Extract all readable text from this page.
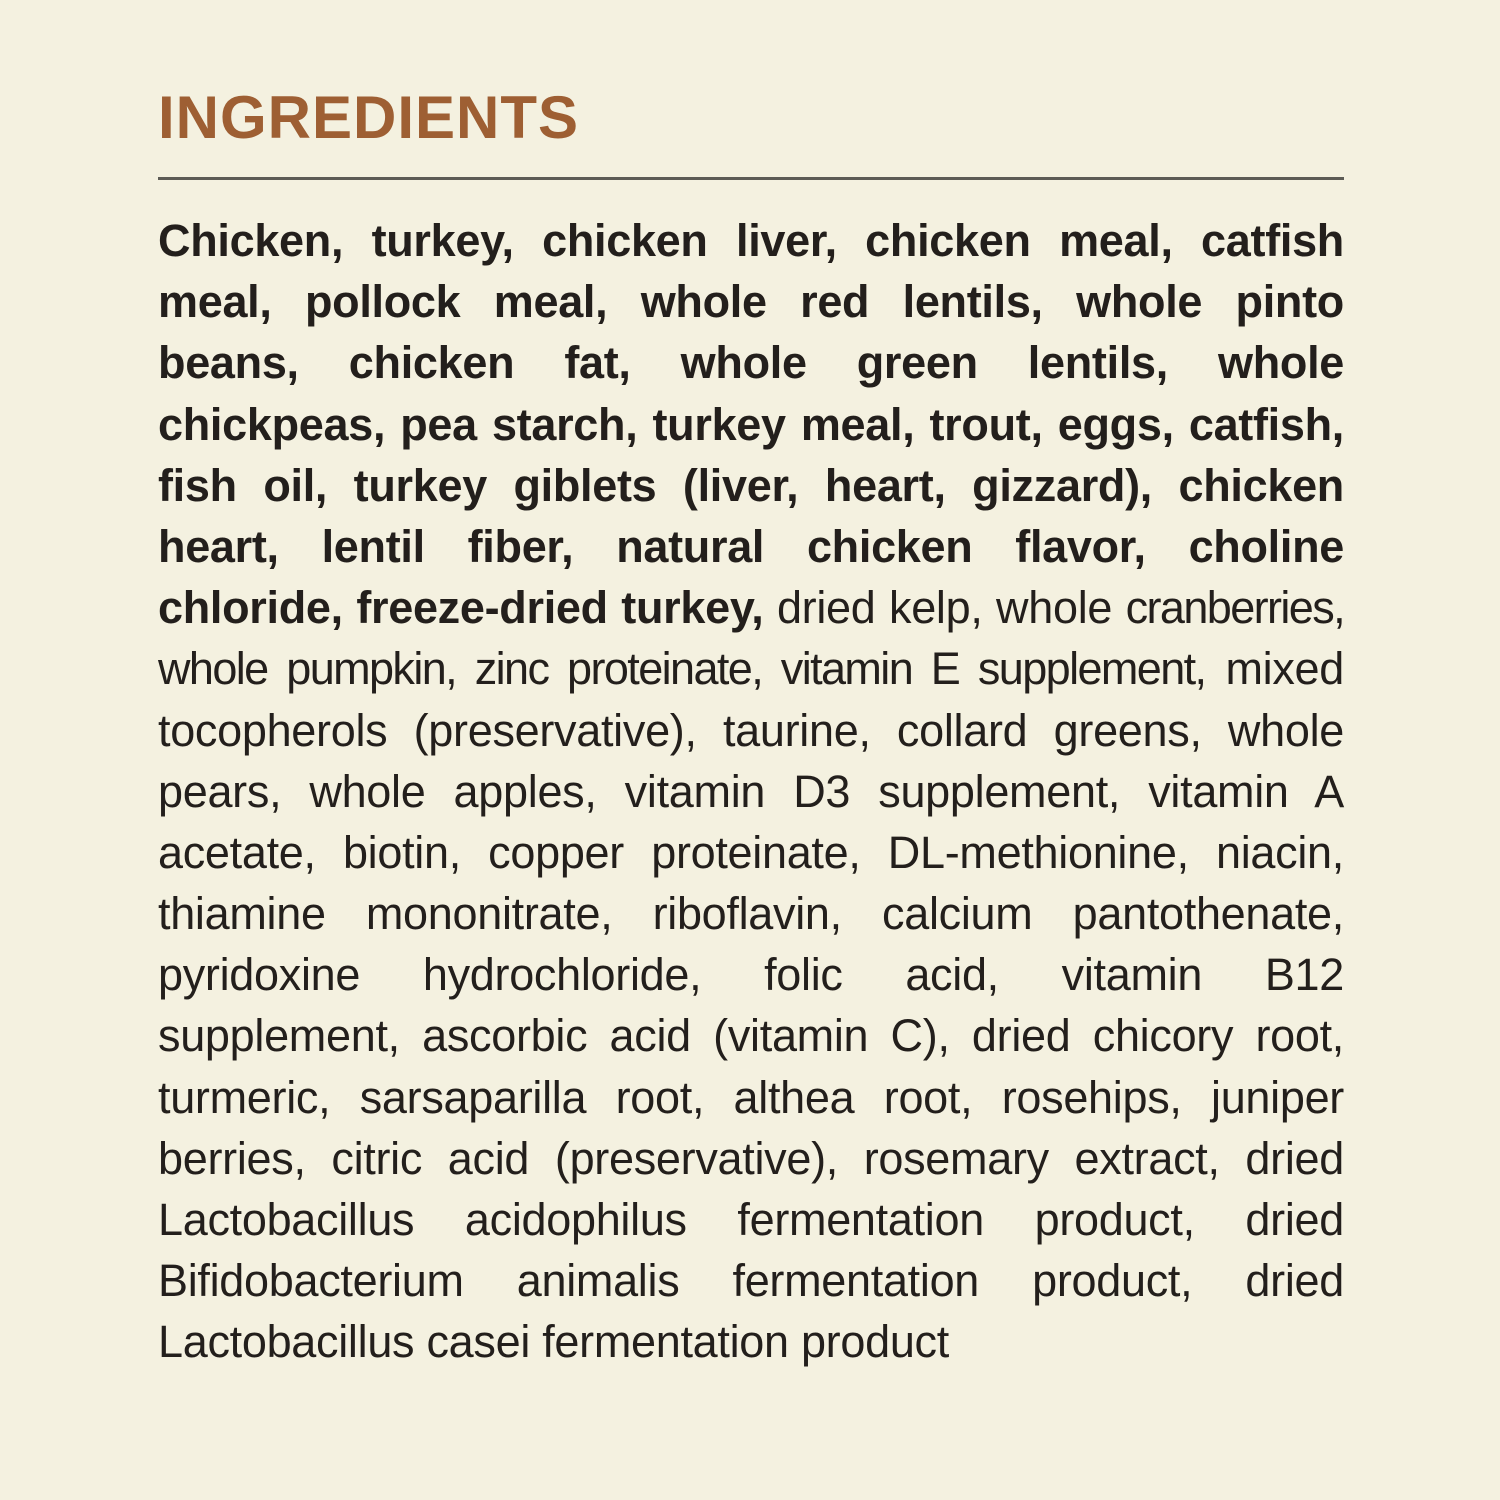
INGREDIENTS

Chicken, turkey, chicken liver, chicken meal, catfish meal, pollock meal, whole red lentils, whole pinto beans, chicken fat, whole green lentils, whole chickpeas, pea starch, turkey meal, trout, eggs, catfish, fish oil, turkey giblets (liver, heart, gizzard), chicken heart, lentil fiber, natural chicken flavor, choline chloride, freeze-dried turkey, dried kelp, whole cranberries, whole pumpkin, zinc proteinate, vitamin E supplement, mixed tocopherols (preservative), taurine, collard greens, whole pears, whole apples, vitamin D3 supplement, vitamin A acetate, biotin, copper proteinate, DL-methionine, niacin, thiamine mononitrate, riboflavin, calcium pantothenate, pyridoxine hydrochloride, folic acid, vitamin B12 supplement, ascorbic acid (vitamin C), dried chicory root, turmeric, sarsaparilla root, althea root, rosehips, juniper berries, citric acid (preservative), rosemary extract, dried Lactobacillus acidophilus fermentation product, dried Bifidobacterium animalis fermentation product, dried Lactobacillus casei fermentation product
